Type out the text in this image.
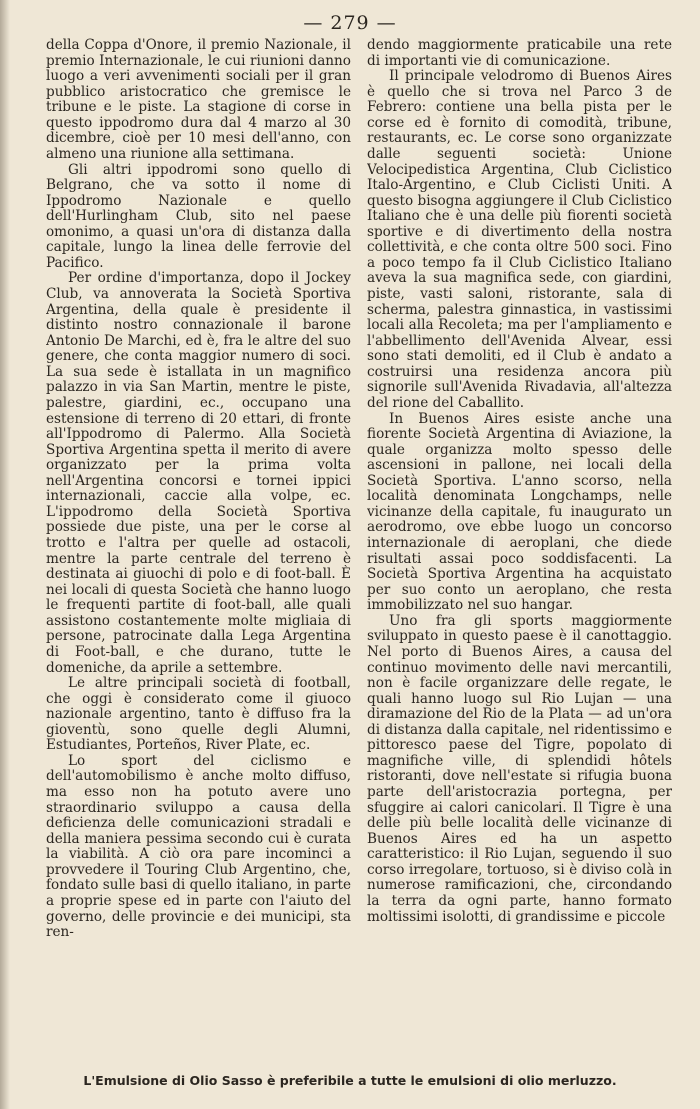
— 279 —

della Coppa d'Onore, il premio Nazionale, il premio Internazionale, le cui riunioni danno luogo a veri avvenimenti sociali per il gran pubblico aristocratico che gremisce le tribune e le piste. La stagione di corse in questo ippodromo dura dal 4 marzo al 30 dicembre, cioè per 10 mesi dell'anno, con almeno una riunione alla settimana.

Gli altri ippodromi sono quello di Belgrano, che va sotto il nome di Ippodromo Nazionale e quello dell'Hurlingham Club, sito nel paese omonimo, a quasi un'ora di distanza dalla capitale, lungo la linea delle ferrovie del Pacifico.

Per ordine d'importanza, dopo il Jockey Club, va annoverata la Società Sportiva Argentina, della quale è presidente il distinto nostro connazionale il barone Antonio De Marchi, ed è, fra le altre del suo genere, che conta maggior numero di soci. La sua sede è istallata in un magnifico palazzo in via San Martin, mentre le piste, palestre, giardini, ec., occupano una estensione di terreno di 20 ettari, di fronte all'Ippodromo di Palermo. Alla Società Sportiva Argentina spetta il merito di avere organizzato per la prima volta nell'Argentina concorsi e tornei ippici internazionali, caccie alla volpe, ec. L'ippodromo della Società Sportiva possiede due piste, una per le corse al trotto e l'altra per quelle ad ostacoli, mentre la parte centrale del terreno è destinata ai giuochi di polo e di foot-ball. È nei locali di questa Società che hanno luogo le frequenti partite di foot-ball, alle quali assistono costantemente molte migliaia di persone, patrocinate dalla Lega Argentina di Foot-ball, e che durano, tutte le domeniche, da aprile a settembre.

Le altre principali società di football, che oggi è considerato come il giuoco nazionale argentino, tanto è diffuso fra la gioventù, sono quelle degli Alumni, Estudiantes, Porteños, River Plate, ec.

Lo sport del ciclismo e dell'automobilismo è anche molto diffuso, ma esso non ha potuto avere uno straordinario sviluppo a causa della deficienza delle comunicazioni stradali e della maniera pessima secondo cui è curata la viabilità. A ciò ora pare incominci a provvedere il Touring Club Argentino, che, fondato sulle basi di quello italiano, in parte a proprie spese ed in parte con l'aiuto del governo, delle provincie e dei municipi, sta ren-

dendo maggiormente praticabile una rete di importanti vie di comunicazione.

Il principale velodromo di Buenos Aires è quello che si trova nel Parco 3 de Febrero: contiene una bella pista per le corse ed è fornito di comodità, tribune, restaurants, ec. Le corse sono organizzate dalle seguenti società: Unione Velocipedistica Argentina, Club Ciclistico Italo-Argentino, e Club Ciclisti Uniti. A questo bisogna aggiungere il Club Ciclistico Italiano che è una delle più fiorenti società sportive e di divertimento della nostra collettività, e che conta oltre 500 soci. Fino a poco tempo fa il Club Ciclistico Italiano aveva la sua magnifica sede, con giardini, piste, vasti saloni, ristorante, sala di scherma, palestra ginnastica, in vastissimi locali alla Recoleta; ma per l'ampliamento e l'abbellimento dell'Avenida Alvear, essi sono stati demoliti, ed il Club è andato a costruirsi una residenza ancora più signorile sull'Avenida Rivadavia, all'altezza del rione del Caballito.

In Buenos Aires esiste anche una fiorente Società Argentina di Aviazione, la quale organizza molto spesso delle ascensioni in pallone, nei locali della Società Sportiva. L'anno scorso, nella località denominata Longchamps, nelle vicinanze della capitale, fu inaugurato un aerodromo, ove ebbe luogo un concorso internazionale di aeroplani, che diede risultati assai poco soddisfacenti. La Società Sportiva Argentina ha acquistato per suo conto un aeroplano, che resta immobilizzato nel suo hangar.

Uno fra gli sports maggiormente sviluppato in questo paese è il canottaggio. Nel porto di Buenos Aires, a causa del continuo movimento delle navi mercantili, non è facile organizzare delle regate, le quali hanno luogo sul Rio Lujan — una diramazione del Rio de la Plata — ad un'ora di distanza dalla capitale, nel ridentissimo e pittoresco paese del Tigre, popolato di magnifiche ville, di splendidi hôtels ristoranti, dove nell'estate si rifugia buona parte dell'aristocrazia portegna, per sfuggire ai calori canicolari. Il Tigre è una delle più belle località delle vicinanze di Buenos Aires ed ha un aspetto caratteristico: il Rio Lujan, seguendo il suo corso irregolare, tortuoso, si è diviso colà in numerose ramificazioni, che, circondando la terra da ogni parte, hanno formato moltissimi isolotti, di grandissime e piccole

L'Emulsione di Olio Sasso è preferibile a tutte le emulsioni di olio merluzzo.
